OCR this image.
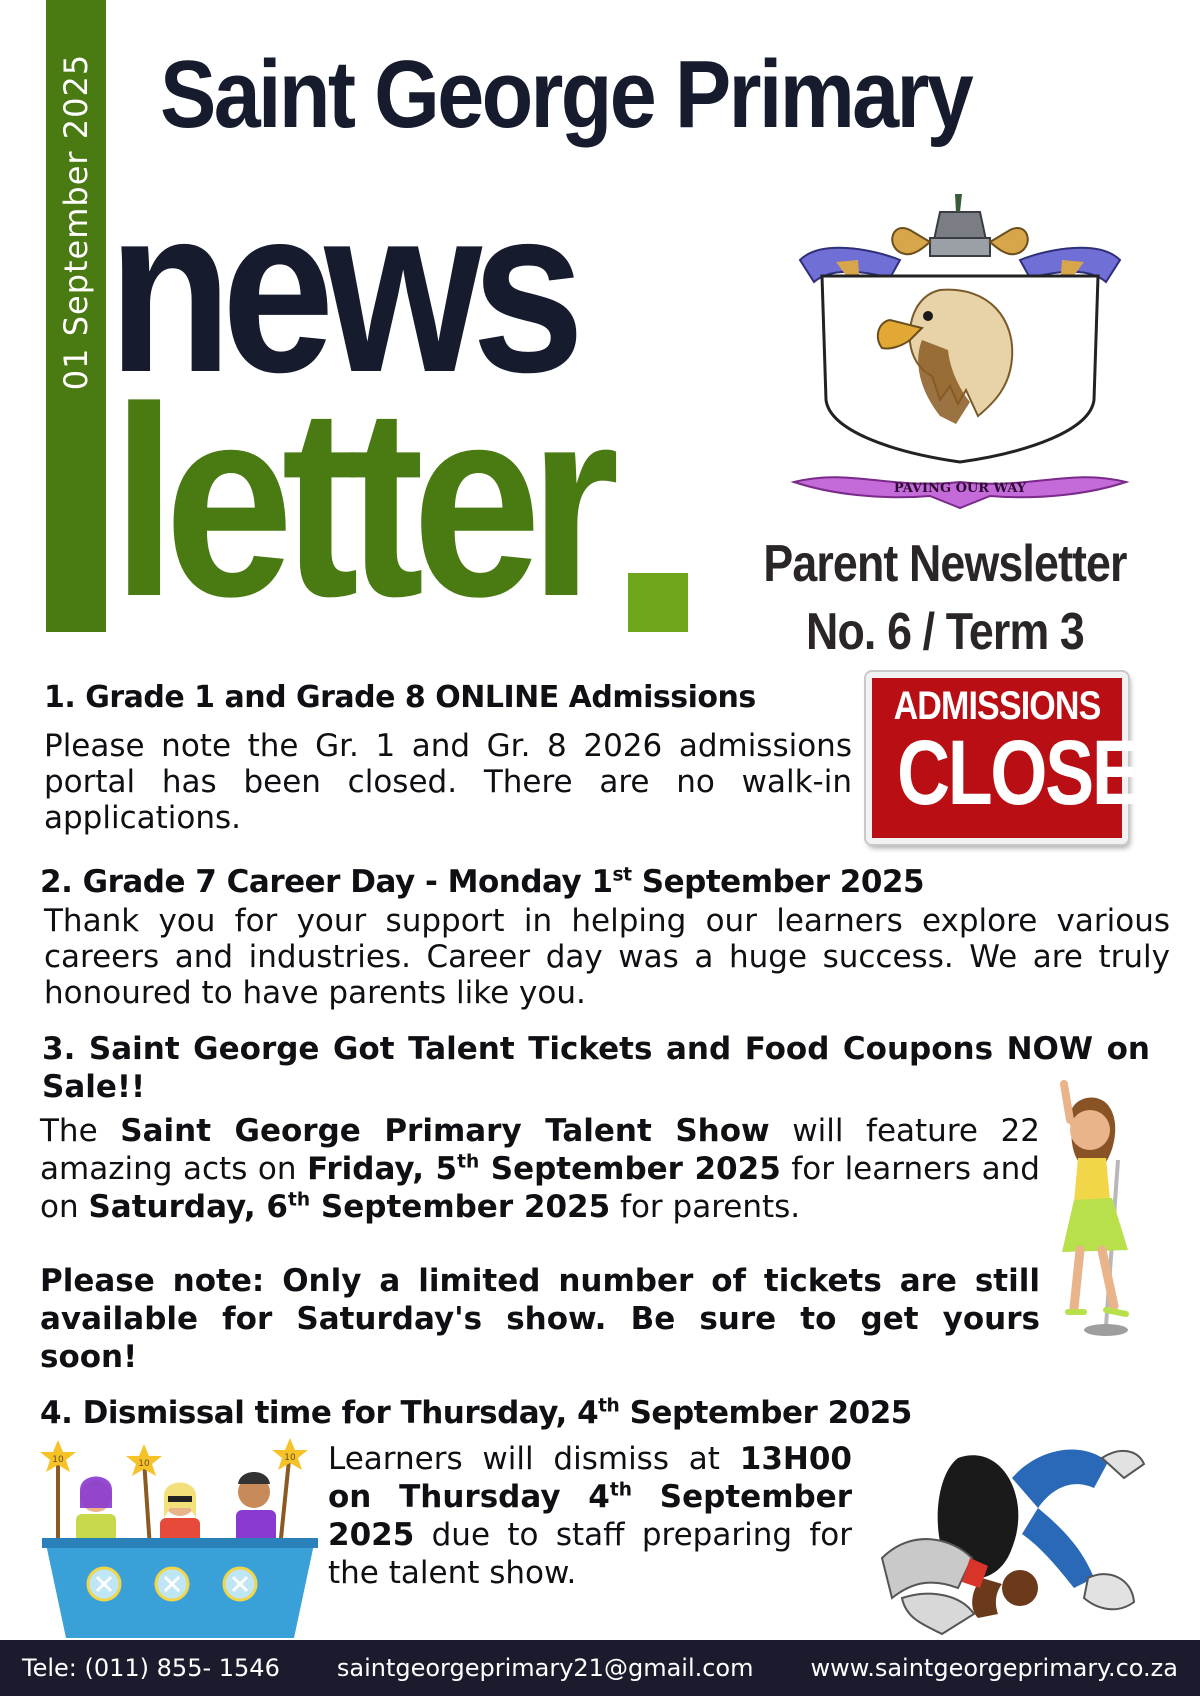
01 September 2025 Saint George Primary
news
letter	PAVING OUR WAY
Parent Newsletter
No. 6 / Term 3
1. Grade 1 and Grade 8 ONLINE Admissions
Please note the Gr. 1 and Gr. 8 2026 admissions portal has been closed. There are no walk-in applications.
ADMISSIONS
CLOSED
2. Grade 7 Career Day - Monday 1st September 2025
Thank you for your support in helping our learners explore various careers and industries. Career day was a huge success. We are truly honoured to have parents like you.
3. Saint George Got Talent Tickets and Food Coupons NOW on Sale!!
The Saint George Primary Talent Show will feature 22 amazing acts on Friday, 5th September 2025 for learners and on Saturday, 6th September 2025 for parents.
Please note: Only a limited number of tickets are still available for Saturday's show. Be sure to get yours soon!
4. Dismissal time for Thursday, 4th September 2025
Learners will dismiss at 13H00 on Thursday 4th September 2025 due to staff preparing for the talent show.
10	10
10
Tele: (011) 855- 1546 saintgeorgeprimary21@gmail.com www.saintgeorgeprimary.co.za
